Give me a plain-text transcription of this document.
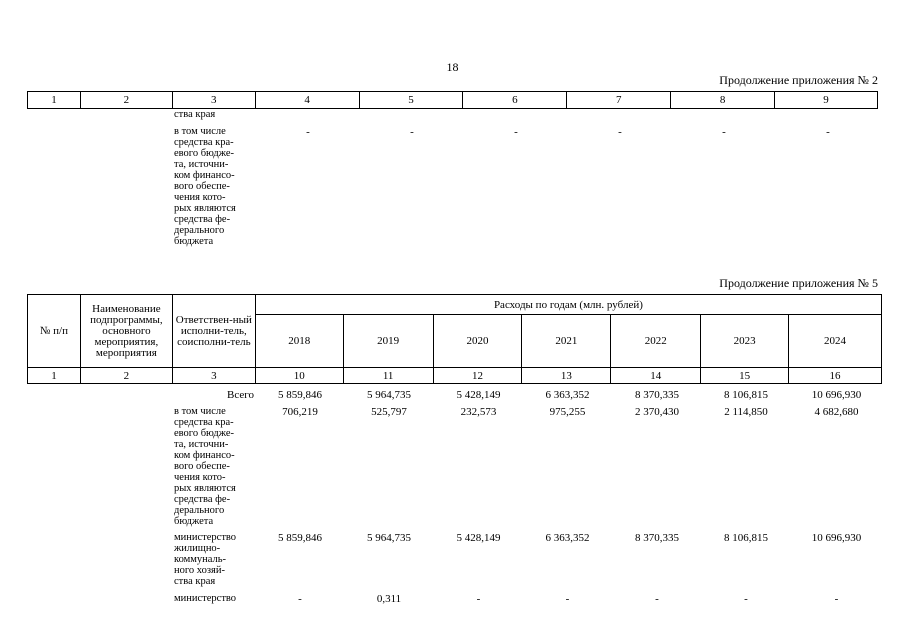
18
Продолжение приложения № 2
1	2	3	4	5	6	7	8	9
ства края
в том числе
средства кра-
евого бюдже-
та, источни-
ком финансо-
вого обеспе-
чения кото-
рых являются
средства фе-
дерального
бюджета
-	-	-	-	-	-
Продолжение приложения № 5
№ п/п	Наименование подпрограммы, основного мероприятия, мероприятия	Ответствен-ный исполни-тель, соисполни-тель	Расходы по годам (млн. рублей)						
			2018	2019	2020	2021	2022	2023	2024
1	2	3	10	11	12	13	14	15	16
Всего	5 859,846	5 964,735	5 428,149	6 363,352	8 370,335	8 106,815	10 696,930
в том числе
средства кра-
евого бюдже-
та, источни-
ком финансо-
вого обеспе-
чения кото-
рых являются
средства фе-
дерального
бюджета
706,219	525,797	232,573	975,255	2 370,430	2 114,850	4 682,680
министерство
жилищно-
коммуналь-
ного хозяй-
ства края
5 859,846	5 964,735	5 428,149	6 363,352	8 370,335	8 106,815	10 696,930
министерство	-	0,311	-	-	-	-	-
